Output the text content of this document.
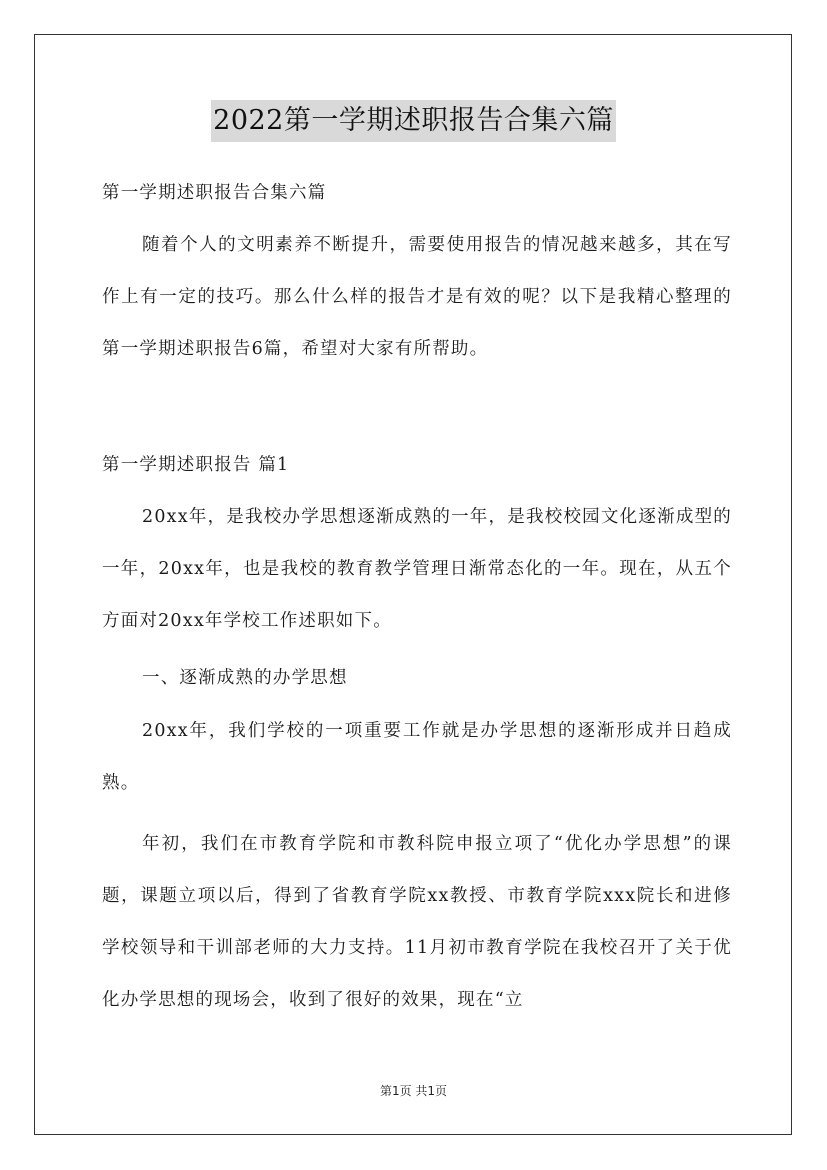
2022第一学期述职报告合集六篇

第一学期述职报告合集六篇

随着个人的文明素养不断提升，需要使用报告的情况越来越多，其在写作上有一定的技巧。那么什么样的报告才是有效的呢？以下是我精心整理的第一学期述职报告6篇，希望对大家有所帮助。

第一学期述职报告 篇1

20xx年，是我校办学思想逐渐成熟的一年，是我校校园文化逐渐成型的一年，20xx年，也是我校的教育教学管理日渐常态化的一年。现在，从五个方面对20xx年学校工作述职如下。

一、逐渐成熟的办学思想

20xx年，我们学校的一项重要工作就是办学思想的逐渐形成并日趋成熟。

年初，我们在市教育学院和市教科院申报立项了“优化办学思想”的课题，课题立项以后，得到了省教育学院xx教授、市教育学院xxx院长和进修学校领导和干训部老师的大力支持。11月初市教育学院在我校召开了关于优化办学思想的现场会，收到了很好的效果，现在“立

第1页 共1页
